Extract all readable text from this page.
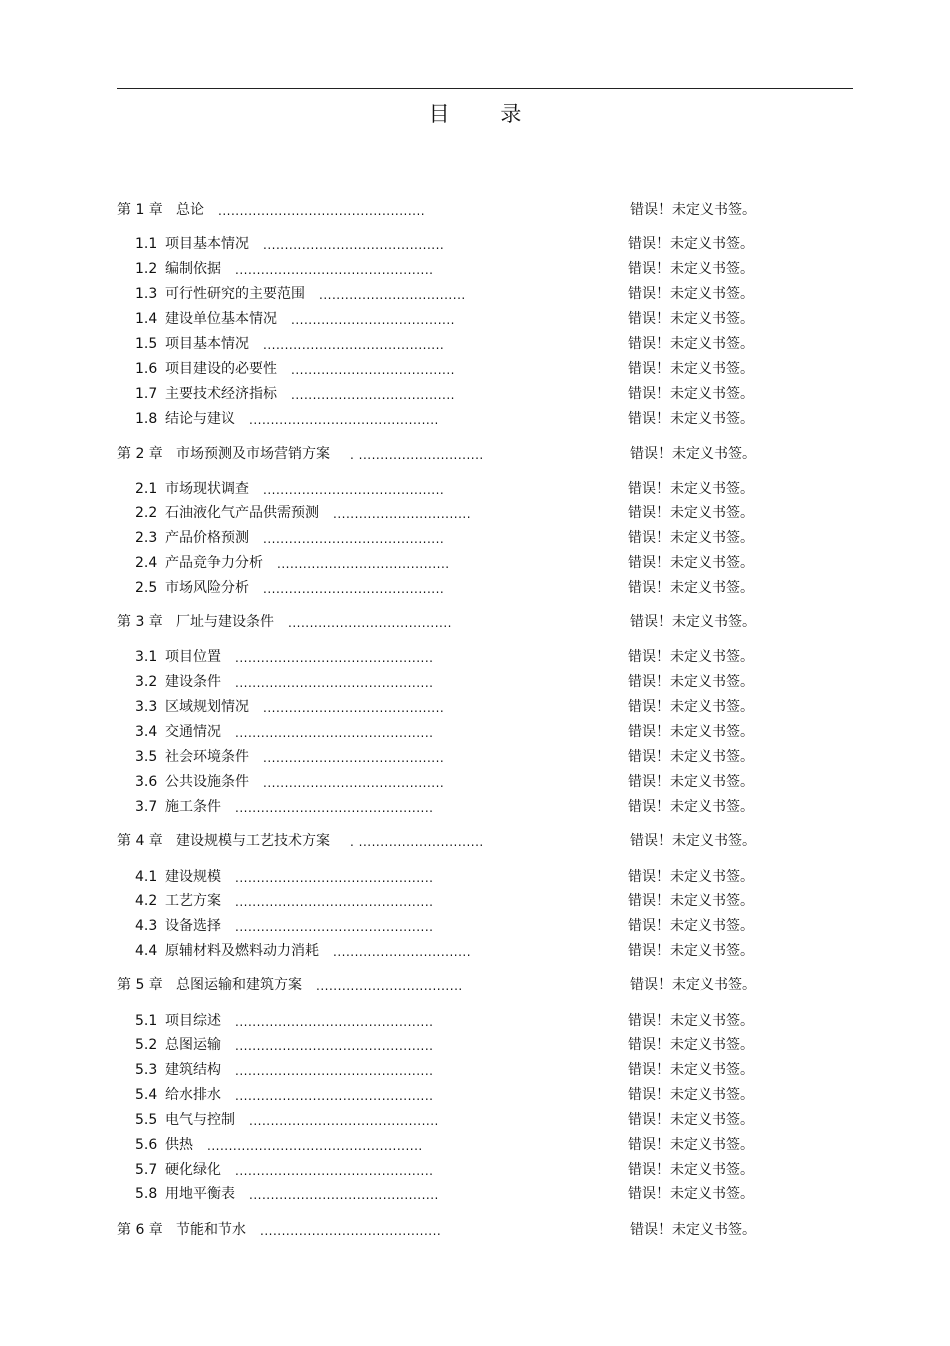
目 录
第 1 章 总论 ................................................	错误！未定义书签。
1.1 项目基本情况 ..........................................	错误！未定义书签。
1.2 编制依据 ..............................................	错误！未定义书签。
1.3 可行性研究的主要范围 ..................................	错误！未定义书签。
1.4 建设单位基本情况 ......................................	错误！未定义书签。
1.5 项目基本情况 ..........................................	错误！未定义书签。
1.6 项目建设的必要性 ......................................	错误！未定义书签。
1.7 主要技术经济指标 ......................................	错误！未定义书签。
1.8 结论与建议 ............................................	错误！未定义书签。
第 2 章 市场预测及市场营销方案 . .............................	错误！未定义书签。
2.1 市场现状调查 ..........................................	错误！未定义书签。
2.2 石油液化气产品供需预测 ................................	错误！未定义书签。
2.3 产品价格预测 ..........................................	错误！未定义书签。
2.4 产品竞争力分析 ........................................	错误！未定义书签。
2.5 市场风险分析 ..........................................	错误！未定义书签。
第 3 章 厂址与建设条件 ......................................	错误！未定义书签。
3.1 项目位置 ..............................................	错误！未定义书签。
3.2 建设条件 ..............................................	错误！未定义书签。
3.3 区域规划情况 ..........................................	错误！未定义书签。
3.4 交通情况 ..............................................	错误！未定义书签。
3.5 社会环境条件 ..........................................	错误！未定义书签。
3.6 公共设施条件 ..........................................	错误！未定义书签。
3.7 施工条件 ..............................................	错误！未定义书签。
第 4 章 建设规模与工艺技术方案 . .............................	错误！未定义书签。
4.1 建设规模 ..............................................	错误！未定义书签。
4.2 工艺方案 ..............................................	错误！未定义书签。
4.3 设备选择 ..............................................	错误！未定义书签。
4.4 原辅材料及燃料动力消耗 ................................	错误！未定义书签。
第 5 章 总图运输和建筑方案 ..................................	错误！未定义书签。
5.1 项目综述 ..............................................	错误！未定义书签。
5.2 总图运输 ..............................................	错误！未定义书签。
5.3 建筑结构 ..............................................	错误！未定义书签。
5.4 给水排水 ..............................................	错误！未定义书签。
5.5 电气与控制 ............................................	错误！未定义书签。
5.6 供热 ..................................................	错误！未定义书签。
5.7 硬化绿化 ..............................................	错误！未定义书签。
5.8 用地平衡表 ............................................	错误！未定义书签。
第 6 章 节能和节水 ..........................................	错误！未定义书签。
